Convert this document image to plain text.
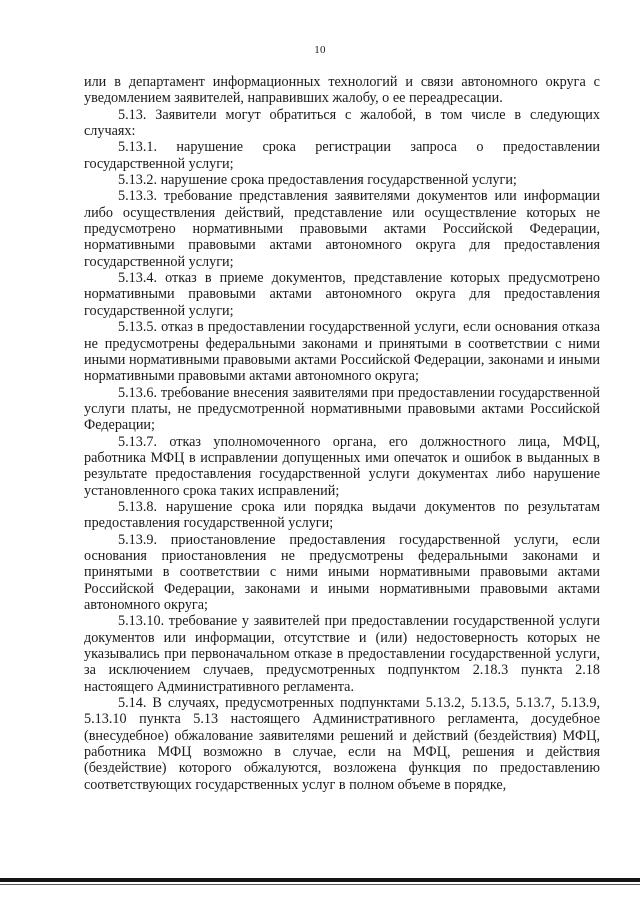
10

или в департамент информационных технологий и связи автономного округа с уведомлением заявителей, направивших жалобу, о ее переадресации.

5.13. Заявители могут обратиться с жалобой, в том числе в следующих случаях:

5.13.1. нарушение срока регистрации запроса о предоставлении государственной услуги;

5.13.2. нарушение срока предоставления государственной услуги;

5.13.3. требование представления заявителями документов или информации либо осуществления действий, представление или осуществление которых не предусмотрено нормативными правовыми актами Российской Федерации, нормативными правовыми актами автономного округа для предоставления государственной услуги;

5.13.4. отказ в приеме документов, представление которых предусмотрено нормативными правовыми актами автономного округа для предоставления государственной услуги;

5.13.5. отказ в предоставлении государственной услуги, если основания отказа не предусмотрены федеральными законами и принятыми в соответствии с ними иными нормативными правовыми актами Российской Федерации, законами и иными нормативными правовыми актами автономного округа;

5.13.6. требование внесения заявителями при предоставлении государственной услуги платы, не предусмотренной нормативными правовыми актами Российской Федерации;

5.13.7. отказ уполномоченного органа, его должностного лица, МФЦ, работника МФЦ в исправлении допущенных ими опечаток и ошибок в выданных в результате предоставления государственной услуги документах либо нарушение установленного срока таких исправлений;

5.13.8. нарушение срока или порядка выдачи документов по результатам предоставления государственной услуги;

5.13.9. приостановление предоставления государственной услуги, если основания приостановления не предусмотрены федеральными законами и принятыми в соответствии с ними иными нормативными правовыми актами Российской Федерации, законами и иными нормативными правовыми актами автономного округа;

5.13.10. требование у заявителей при предоставлении государственной услуги документов или информации, отсутствие и (или) недостоверность которых не указывались при первоначальном отказе в предоставлении государственной услуги, за исключением случаев, предусмотренных подпунктом 2.18.3 пункта 2.18 настоящего Административного регламента.

5.14. В случаях, предусмотренных подпунктами 5.13.2, 5.13.5, 5.13.7, 5.13.9, 5.13.10 пункта 5.13 настоящего Административного регламента, досудебное (внесудебное) обжалование заявителями решений и действий (бездействия) МФЦ, работника МФЦ возможно в случае, если на МФЦ, решения и действия (бездействие) которого обжалуются, возложена функция по предоставлению соответствующих государственных услуг в полном объеме в порядке,
